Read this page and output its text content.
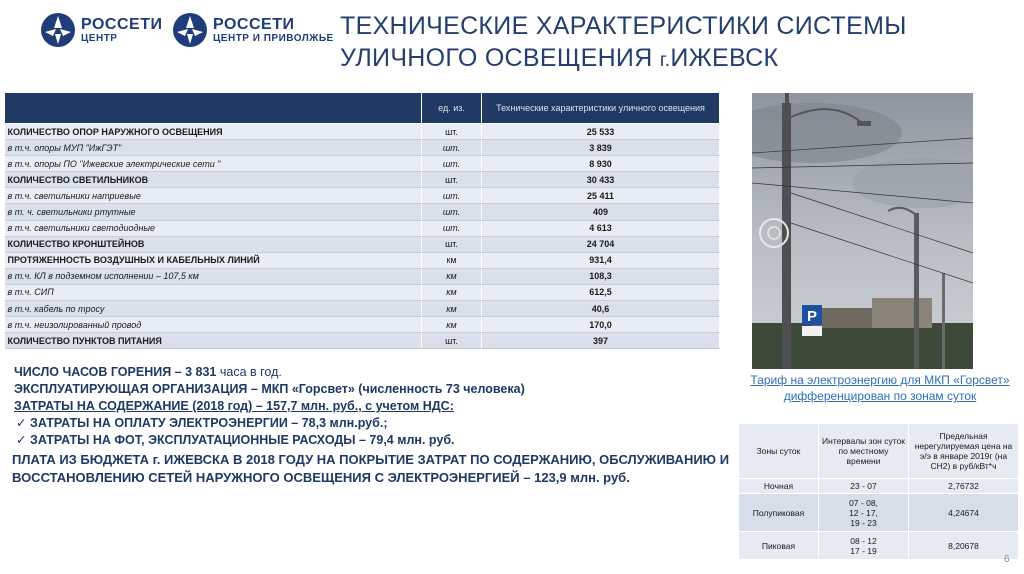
РОССЕТИ
ЦЕНТР
РОССЕТИ
ЦЕНТР И ПРИВОЛЖЬЕ ТЕХНИЧЕСКИЕ ХАРАКТЕРИСТИКИ СИСТЕМЫ
УЛИЧНОГО ОСВЕЩЕНИЯ г.ИЖЕВСК
	ед. из.	Технические характеристики уличного освещения
КОЛИЧЕСТВО ОПОР НАРУЖНОГО ОСВЕЩЕНИЯ	шт.	25 533
в т.ч. опоры МУП "ИжГЭТ"	шт.	3 839
в т.ч. опоры ПО "Ижевские электрические сети "	шт.	8 930
КОЛИЧЕСТВО СВЕТИЛЬНИКОВ	шт.	30 433
в т.ч. светильники натриевые	шт.	25 411
в т. ч. светильники ртутные	шт.	409
в т.ч. светильники светодиодные	шт.	4 613
КОЛИЧЕСТВО КРОНШТЕЙНОВ	шт.	24 704
ПРОТЯЖЕННОСТЬ ВОЗДУШНЫХ И КАБЕЛЬНЫХ ЛИНИЙ	км	931,4
в т.ч. КЛ в подземном исполнении – 107,5 км	км	108,3
в т.ч. СИП	км	612,5
в т.ч. кабель по тросу	км	40,6
в т.ч. неизолированный провод	км	170,0
КОЛИЧЕСТВО ПУНКТОВ ПИТАНИЯ	шт.	397
ЧИСЛО ЧАСОВ ГОРЕНИЯ – 3 831 часа в год.
ЭКСПЛУАТИРУЮЩАЯ ОРГАНИЗАЦИЯ – МКП «Горсвет» (численность 73 человека)
ЗАТРАТЫ НА СОДЕРЖАНИЕ (2018 год) – 157,7 млн. руб., с учетом НДС:
✓ ЗАТРАТЫ НА ОПЛАТУ ЭЛЕКТРОЭНЕРГИИ – 78,3 млн.руб.;
✓ ЗАТРАТЫ НА ФОТ, ЭКСПЛУАТАЦИОННЫЕ РАСХОДЫ – 79,4 млн. руб.
ПЛАТА ИЗ БЮДЖЕТА г. ИЖЕВСКА В 2018 ГОДУ НА ПОКРЫТИЕ ЗАТРАТ ПО СОДЕРЖАНИЮ, ОБСЛУЖИВАНИЮ И ВОССТАНОВЛЕНИЮ СЕТЕЙ НАРУЖНОГО ОСВЕЩЕНИЯ С ЭЛЕКТРОЭНЕРГИЕЙ – 123,9 млн. руб.
P
Тариф на электроэнергию для МКП «Горсвет» дифференцирован по зонам суток
Зоны суток	Интервалы зон суток по местному времени	Предельная нерегулируемая цена на э/э в январе 2019г (на СН2) в руб/кВт*ч
Ночная	23 - 07	2,76732
Полупиковая	07 - 08,
12 - 17,
19 - 23	4,24674
Пиковая	08 - 12
17 - 19	8,20678
6
